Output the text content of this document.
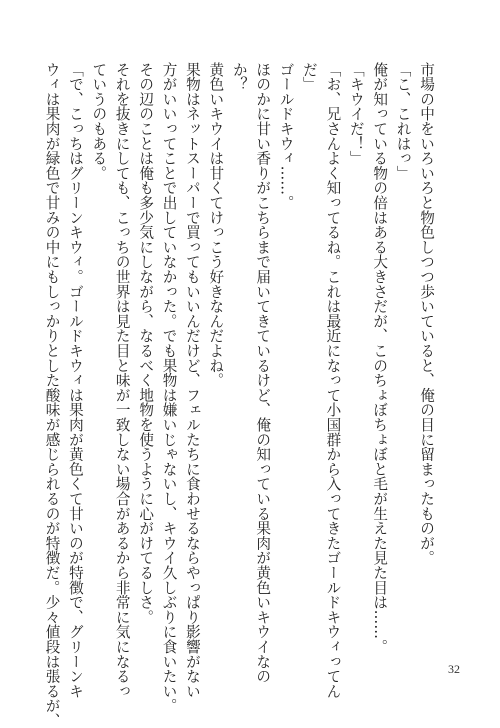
市場の中をいろいろと物色しつつ歩いていると、俺の目に留まったものが。
「こ、これはっ」
俺が知っている物の倍はある大きさだが、このちょぼちょぼと毛が生えた見た目は……。
「キウイだ！」
「お、兄さんよく知ってるね。これは最近になって小国群から入ってきたゴールドキウィってん
だ」
ゴールドキウィ……。
ほのかに甘い香りがこちらまで届いてきているけど、俺の知っている果肉が黄色いキウイなの
か？
黄色いキウイは甘くてけっこう好きなんだよね。
果物はネットスーパーで買ってもいいんだけど、フェルたちに食わせるならやっぱり影響がない
方がいいってことで出していなかった。でも果物は嫌いじゃないし、キウイ久しぶりに食いたい。
その辺のことは俺も多少気にしながら、なるべく地物を使うように心がけてるしさ。
それを抜きにしても、こっちの世界は見た目と味が一致しない場合があるから非常に気になるっ
ていうのもある。
「で、こっちはグリーンキウィ。ゴールドキウィは果肉が黄色くて甘いのが特徴で、グリーンキ
ウィは果肉が緑色で甘みの中にもしっかりとした酸味が感じられるのが特徴だ。少々値段は張るが、	32
